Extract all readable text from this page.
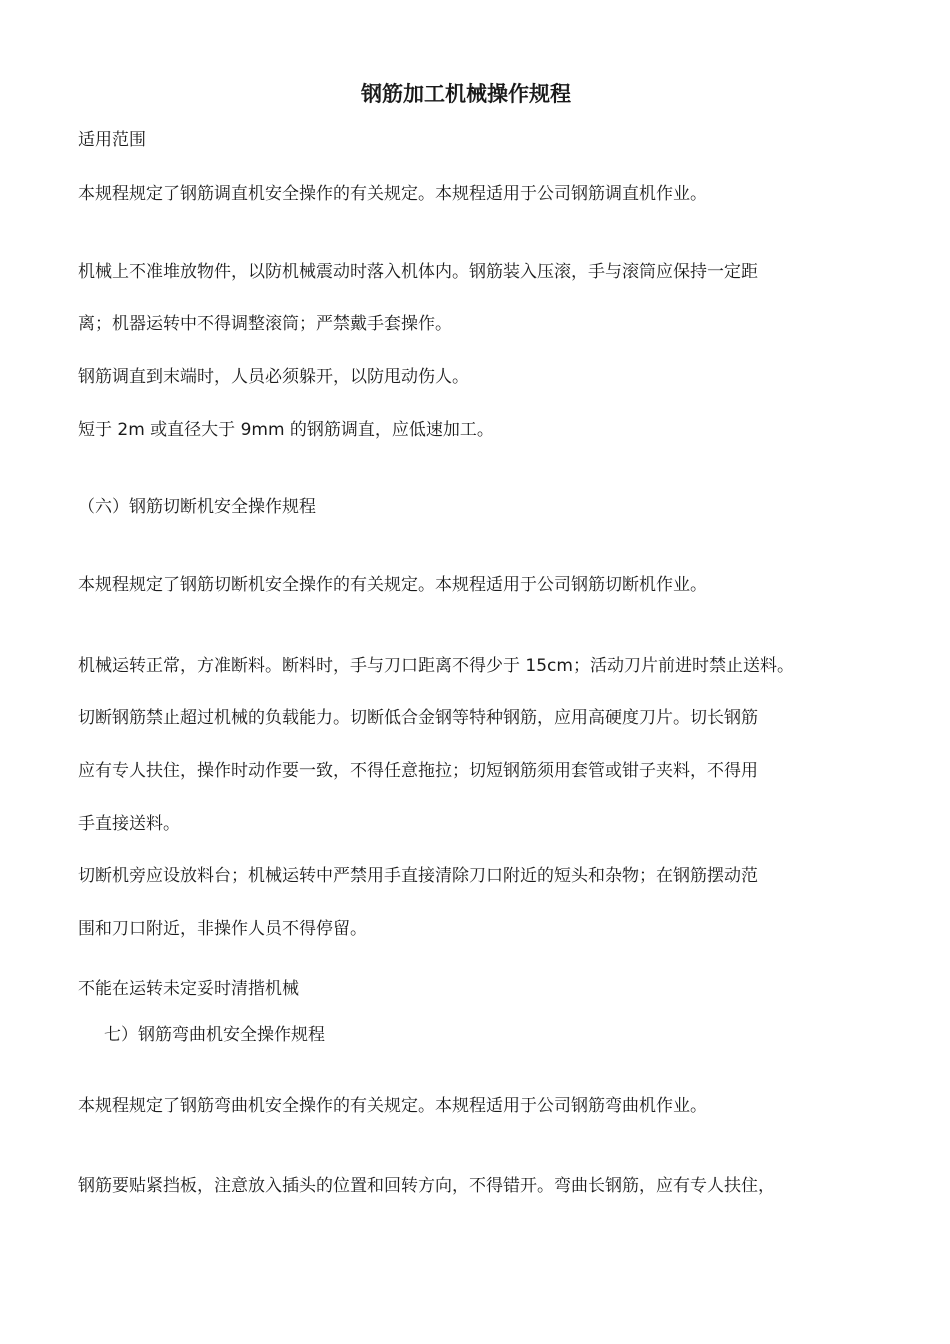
钢筋加工机械操作规程
适用范围
本规程规定了钢筋调直机安全操作的有关规定。本规程适用于公司钢筋调直机作业。
机械上不准堆放物件，以防机械震动时落入机体内。钢筋装入压滚，手与滚筒应保持一定距
离；机器运转中不得调整滚筒；严禁戴手套操作。
钢筋调直到末端时，人员必须躲开，以防甩动伤人。
短于 2m 或直径大于 9mm 的钢筋调直，应低速加工。
（六）钢筋切断机安全操作规程
本规程规定了钢筋切断机安全操作的有关规定。本规程适用于公司钢筋切断机作业。
机械运转正常，方准断料。断料时，手与刀口距离不得少于 15cm；活动刀片前进时禁止送料。
切断钢筋禁止超过机械的负载能力。切断低合金钢等特种钢筋，应用高硬度刀片。切长钢筋
应有专人扶住，操作时动作要一致，不得任意拖拉；切短钢筋须用套管或钳子夹料，不得用
手直接送料。
切断机旁应设放料台；机械运转中严禁用手直接清除刀口附近的短头和杂物；在钢筋摆动范
围和刀口附近，非操作人员不得停留。
不能在运转未定妥时清揩机械
七）钢筋弯曲机安全操作规程
本规程规定了钢筋弯曲机安全操作的有关规定。本规程适用于公司钢筋弯曲机作业。
钢筋要贴紧挡板，注意放入插头的位置和回转方向，不得错开。弯曲长钢筋，应有专人扶住，
